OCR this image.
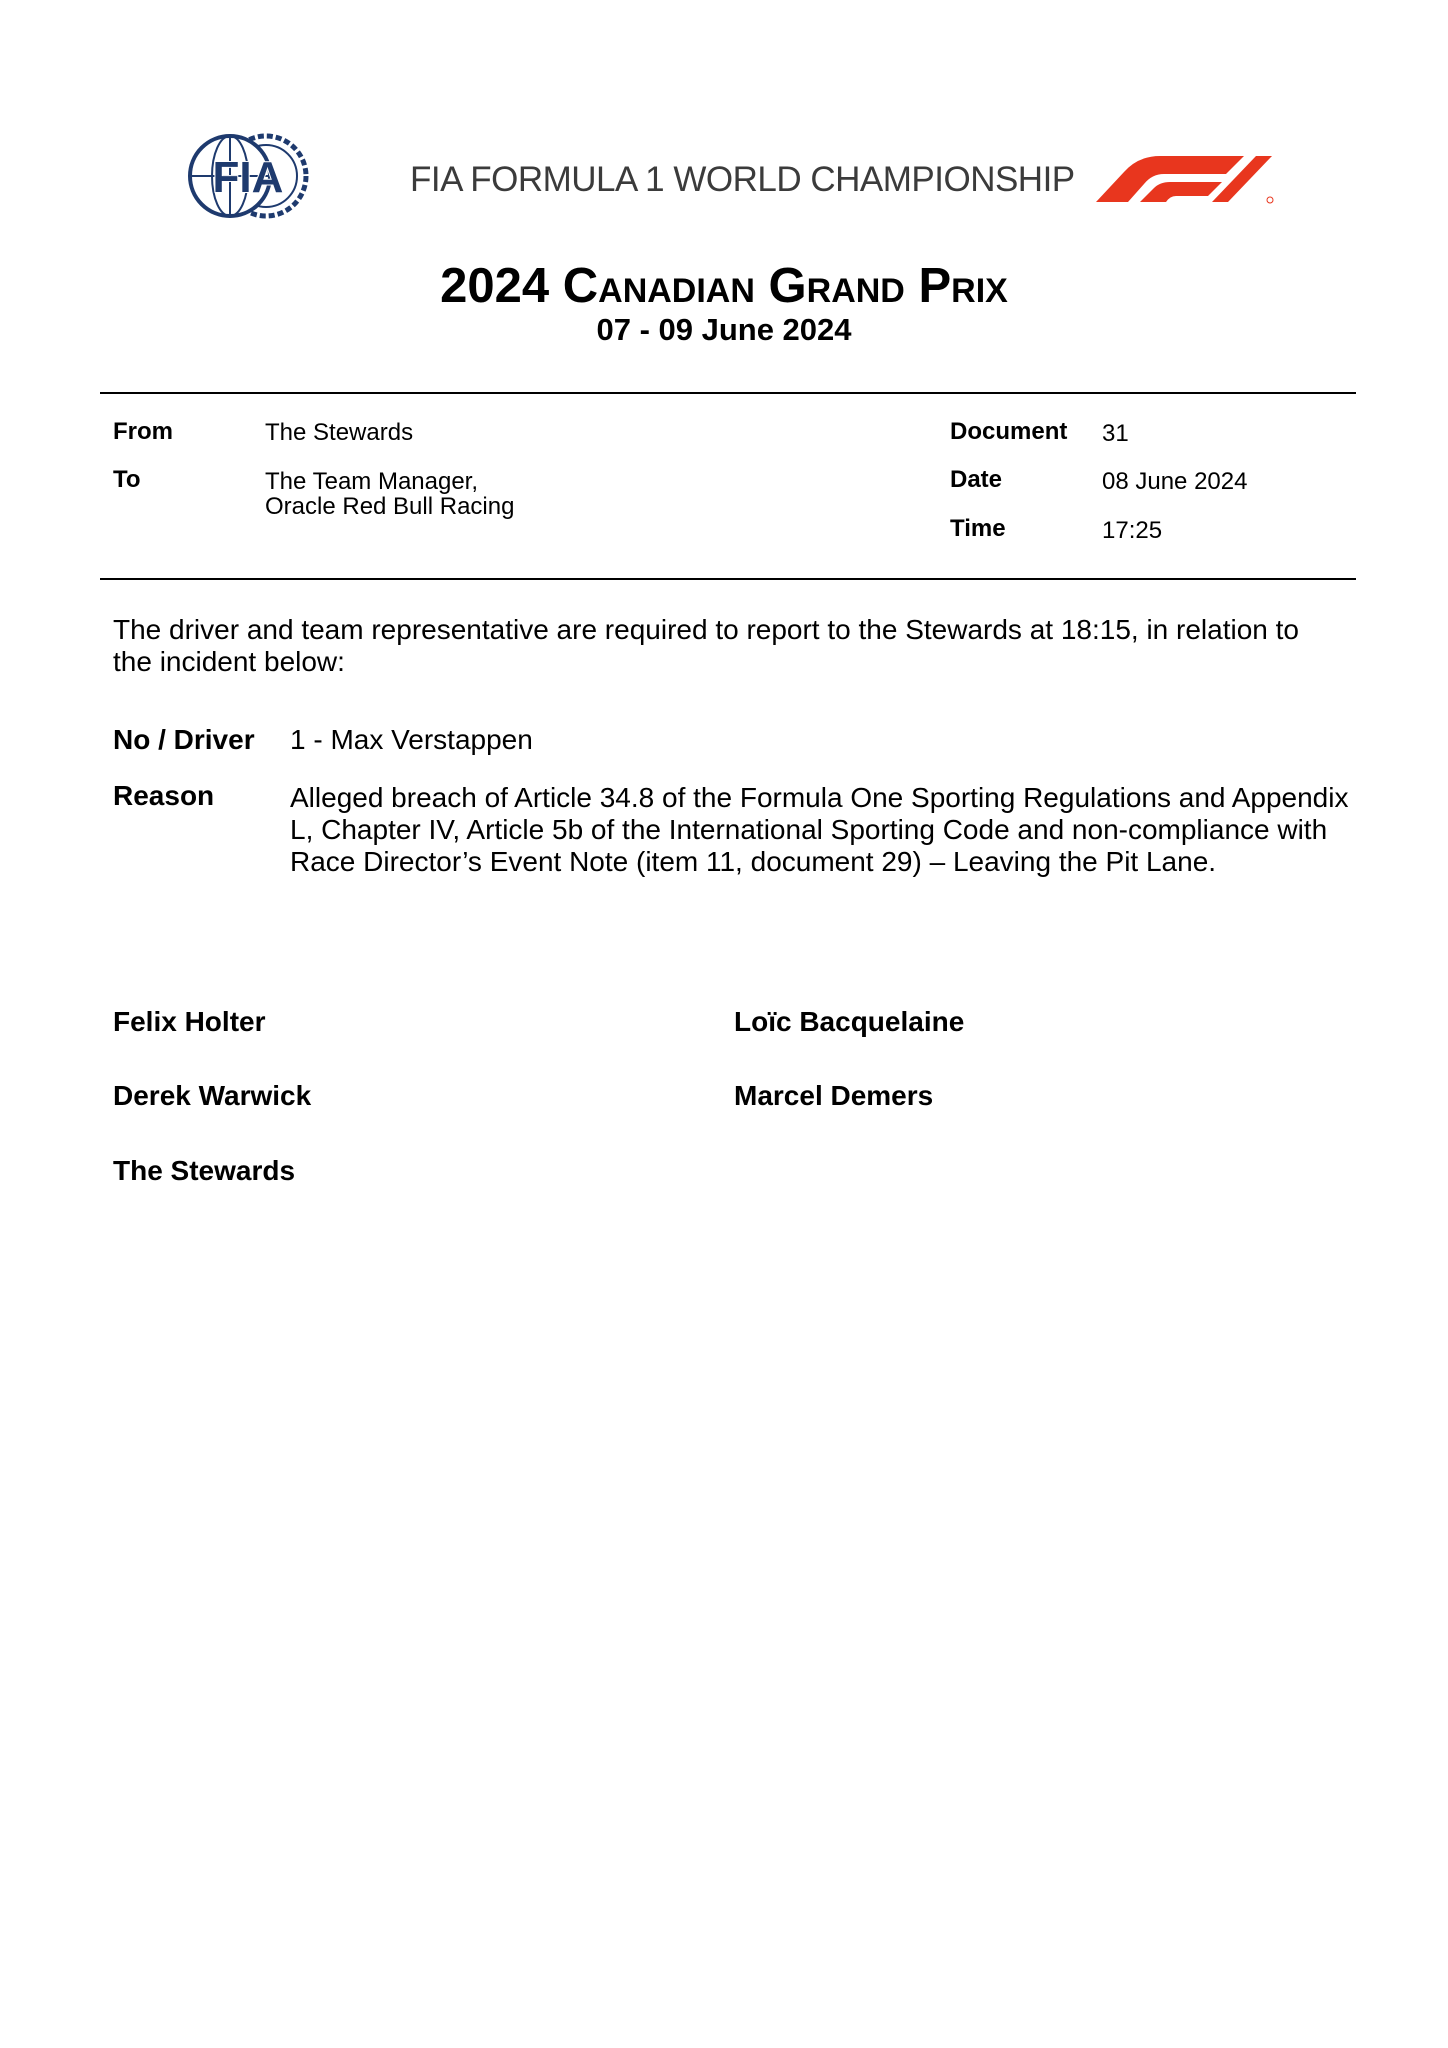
FIA	FIA FORMULA 1 WORLD CHAMPIONSHIP
2024 Canadian Grand Prix
07 - 09 June 2024
From	The Stewards
To	The Team Manager,
Oracle Red Bull Racing
Document 31
Date	08 June 2024
Time	17:25
The driver and team representative are required to report to the Stewards at 18:15, in relation to the incident below:
No / Driver 1 - Max Verstappen
Reason	Alleged breach of Article 34.8 of the Formula One Sporting Regulations and Appendix L, Chapter IV, Article 5b of the International Sporting Code and non-compliance with Race Director’s Event Note (item 11, document 29) – Leaving the Pit Lane.
Felix Holter	Loïc Bacquelaine
Derek Warwick	Marcel Demers
The Stewards
